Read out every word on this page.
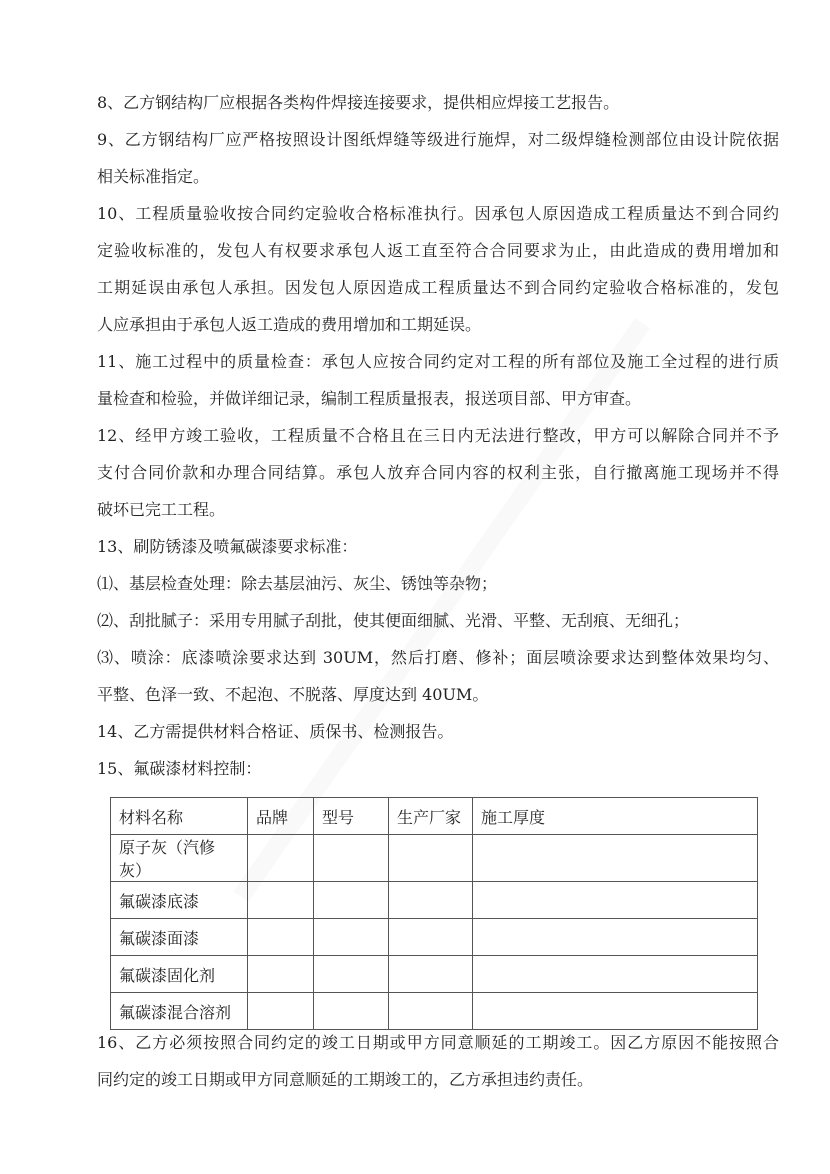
8、乙方钢结构厂应根据各类构件焊接连接要求，提供相应焊接工艺报告。
9、乙方钢结构厂应严格按照设计图纸焊缝等级进行施焊，对二级焊缝检测部位由设计院依据
相关标准指定。
10、工程质量验收按合同约定验收合格标准执行。因承包人原因造成工程质量达不到合同约
定验收标准的，发包人有权要求承包人返工直至符合合同要求为止，由此造成的费用增加和
工期延误由承包人承担。因发包人原因造成工程质量达不到合同约定验收合格标准的，发包
人应承担由于承包人返工造成的费用增加和工期延误。
11、施工过程中的质量检查：承包人应按合同约定对工程的所有部位及施工全过程的进行质
量检查和检验，并做详细记录，编制工程质量报表，报送项目部、甲方审查。
12、经甲方竣工验收，工程质量不合格且在三日内无法进行整改，甲方可以解除合同并不予
支付合同价款和办理合同结算。承包人放弃合同内容的权利主张，自行撤离施工现场并不得
破坏已完工工程。
13、刷防锈漆及喷氟碳漆要求标准：
⑴、基层检查处理：除去基层油污、灰尘、锈蚀等杂物；
⑵、刮批腻子：采用专用腻子刮批，使其便面细腻、光滑、平整、无刮痕、无细孔；
⑶、喷涂：底漆喷涂要求达到 30UM，然后打磨、修补；面层喷涂要求达到整体效果均匀、
平整、色泽一致、不起泡、不脱落、厚度达到 40UM。
14、乙方需提供材料合格证、质保书、检测报告。
15、氟碳漆材料控制：
材料名称	品牌	型号	生产厂家	施工厚度
原子灰（汽修灰）				
氟碳漆底漆				
氟碳漆面漆				
氟碳漆固化剂				
氟碳漆混合溶剂				
16、乙方必须按照合同约定的竣工日期或甲方同意顺延的工期竣工。因乙方原因不能按照合
同约定的竣工日期或甲方同意顺延的工期竣工的，乙方承担违约责任。
